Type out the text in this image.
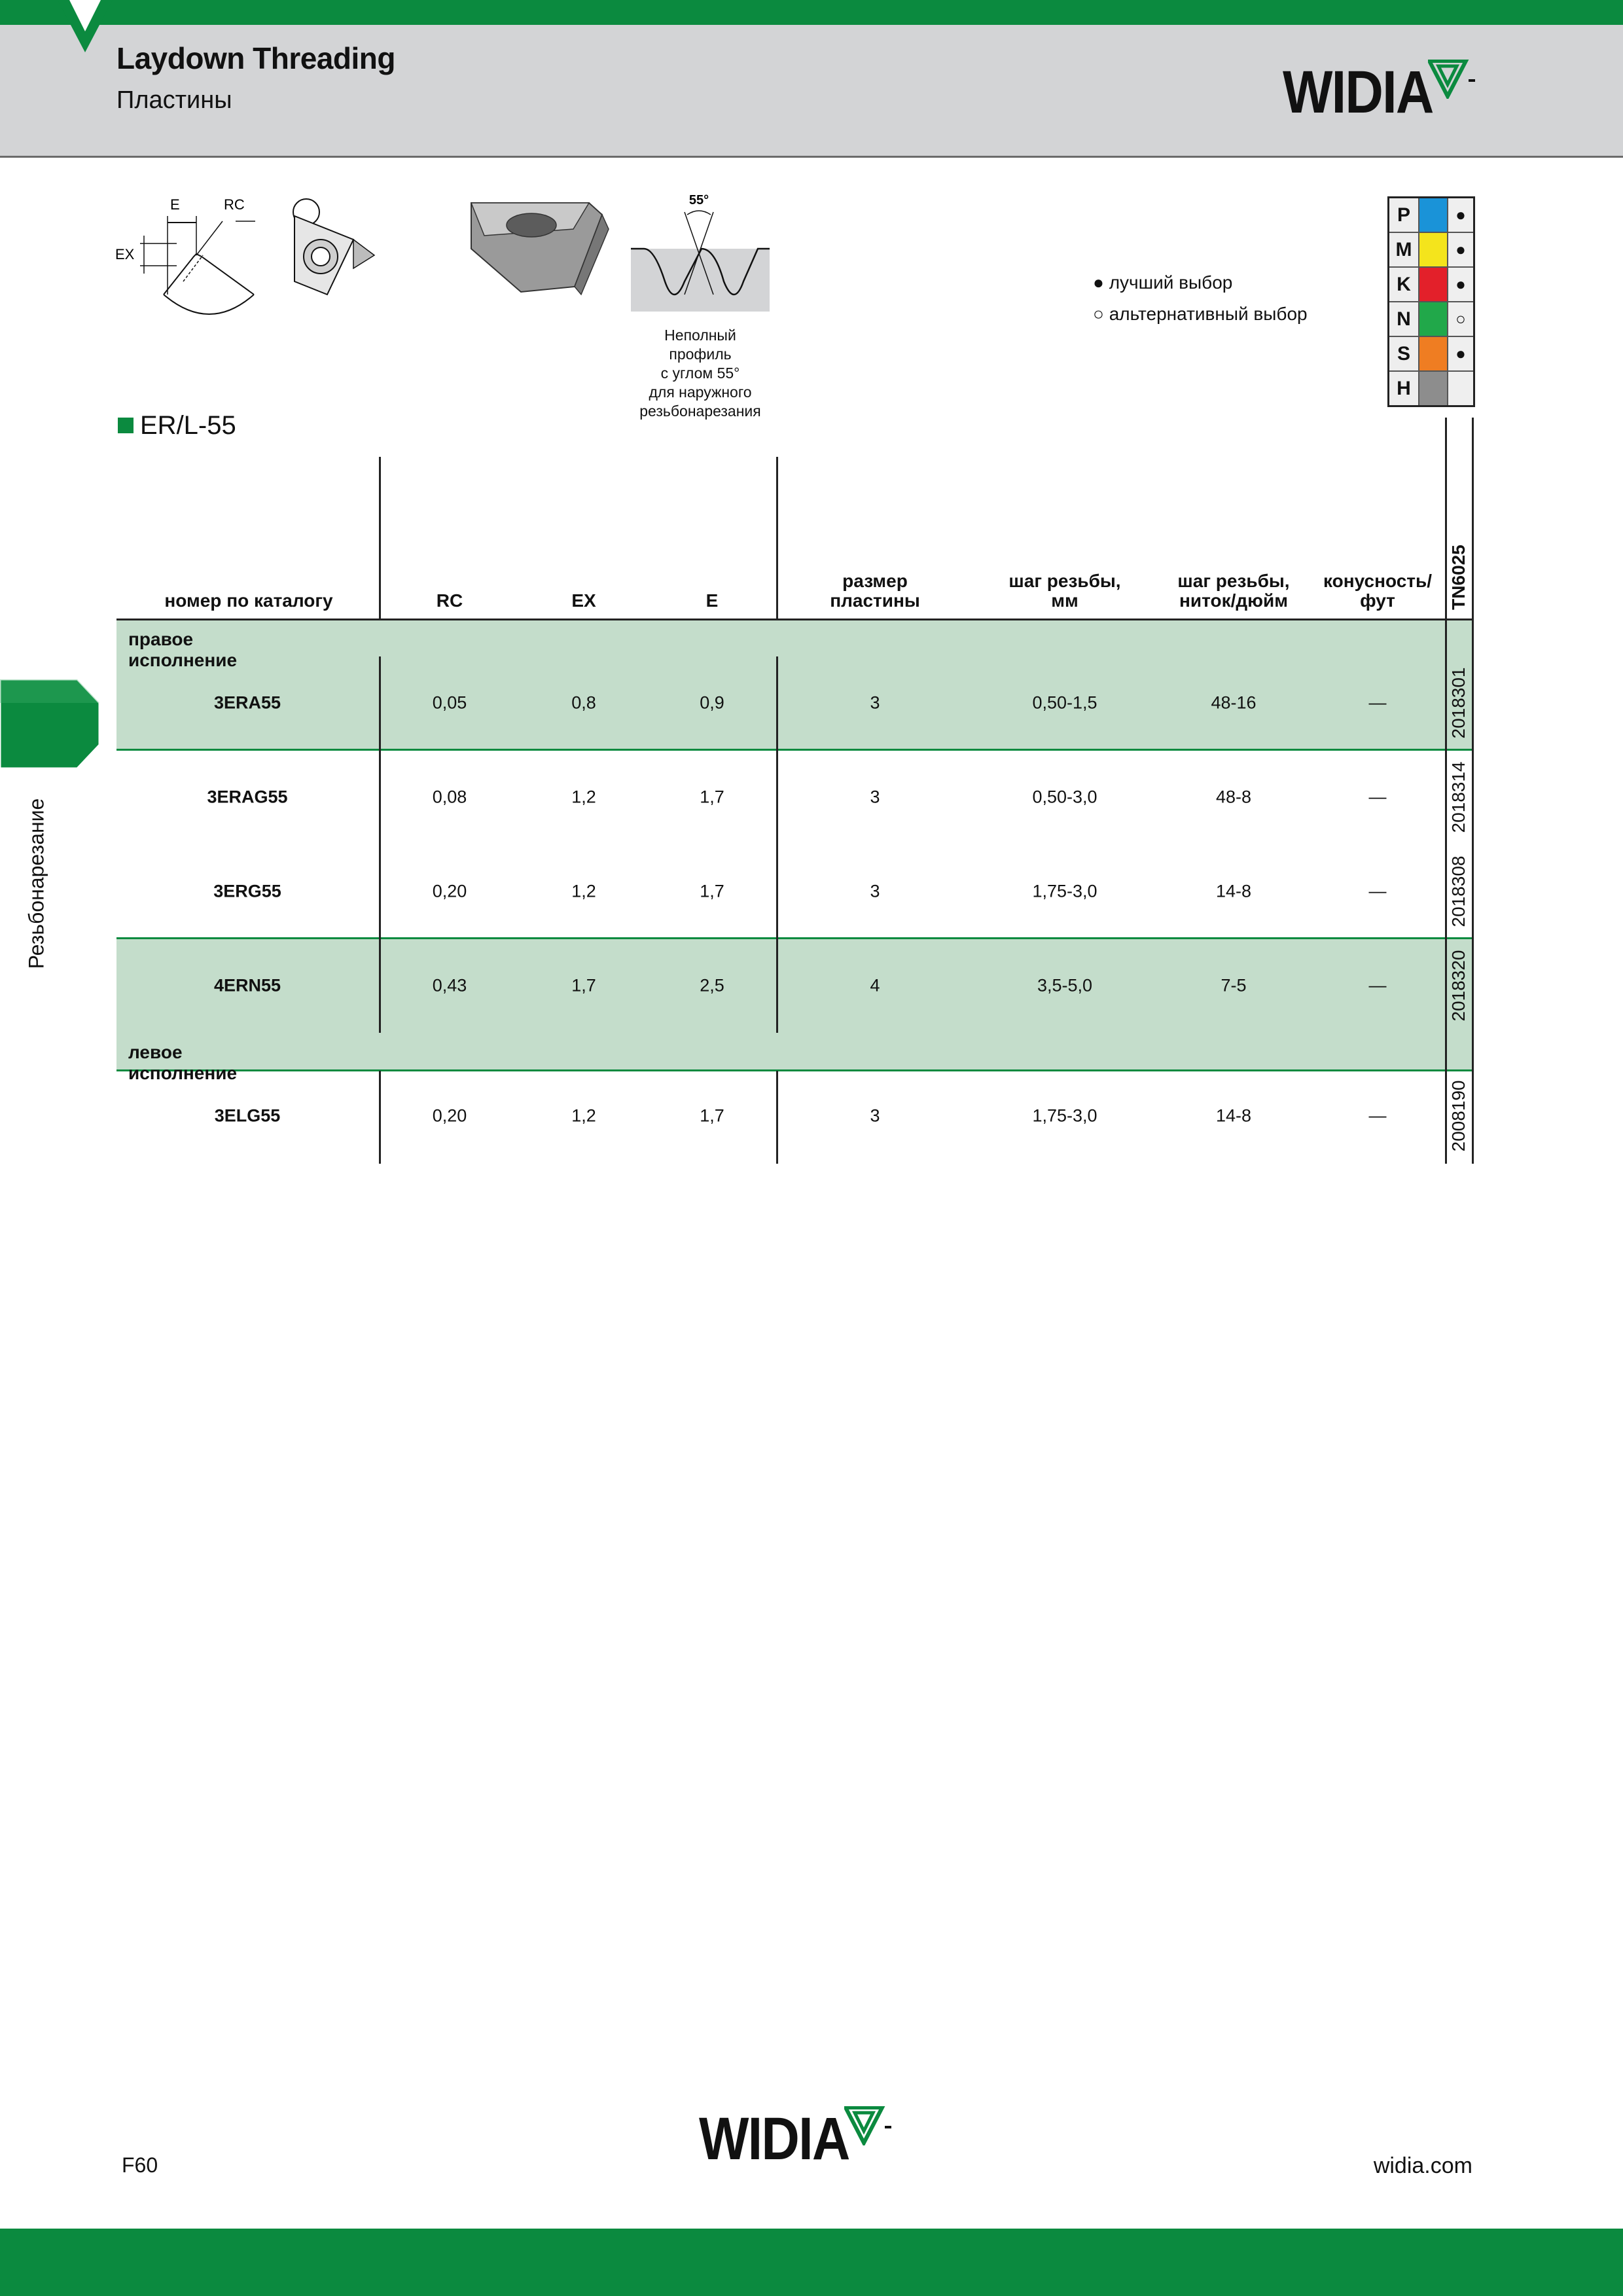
Laydown Threading
Пластины	WIDIA
Резьбонарезание
E	RC
EX
55°
Неполный
профиль
с углом 55°
для наружного
резьбонарезания
● лучший выбор
○ альтернативный выбор
P		●
M		●
K		●
N		○
S		●
H		
ER/L-55
номер по каталогу	RC	EX	E
размер
пластины
шаг резьбы,
мм
шаг резьбы,
ниток/дюйм
конусность/
фут	TN6025
правое исполнение
левое исполнение
3ERA55	0,05	0,8	0,9	3	0,50-1,5	48-16	—	2018301
3ERAG55	0,08	1,2	1,7	3	0,50-3,0	48-8	—	2018314
3ERG55	0,20	1,2	1,7	3	1,75-3,0	14-8	—	2018308
4ERN55	0,43	1,7	2,5	4	3,5-5,0	7-5	—	2018320
3ELG55	0,20	1,2	1,7	3	1,75-3,0	14-8	—	2008190
F60	WIDIA	widia.com
